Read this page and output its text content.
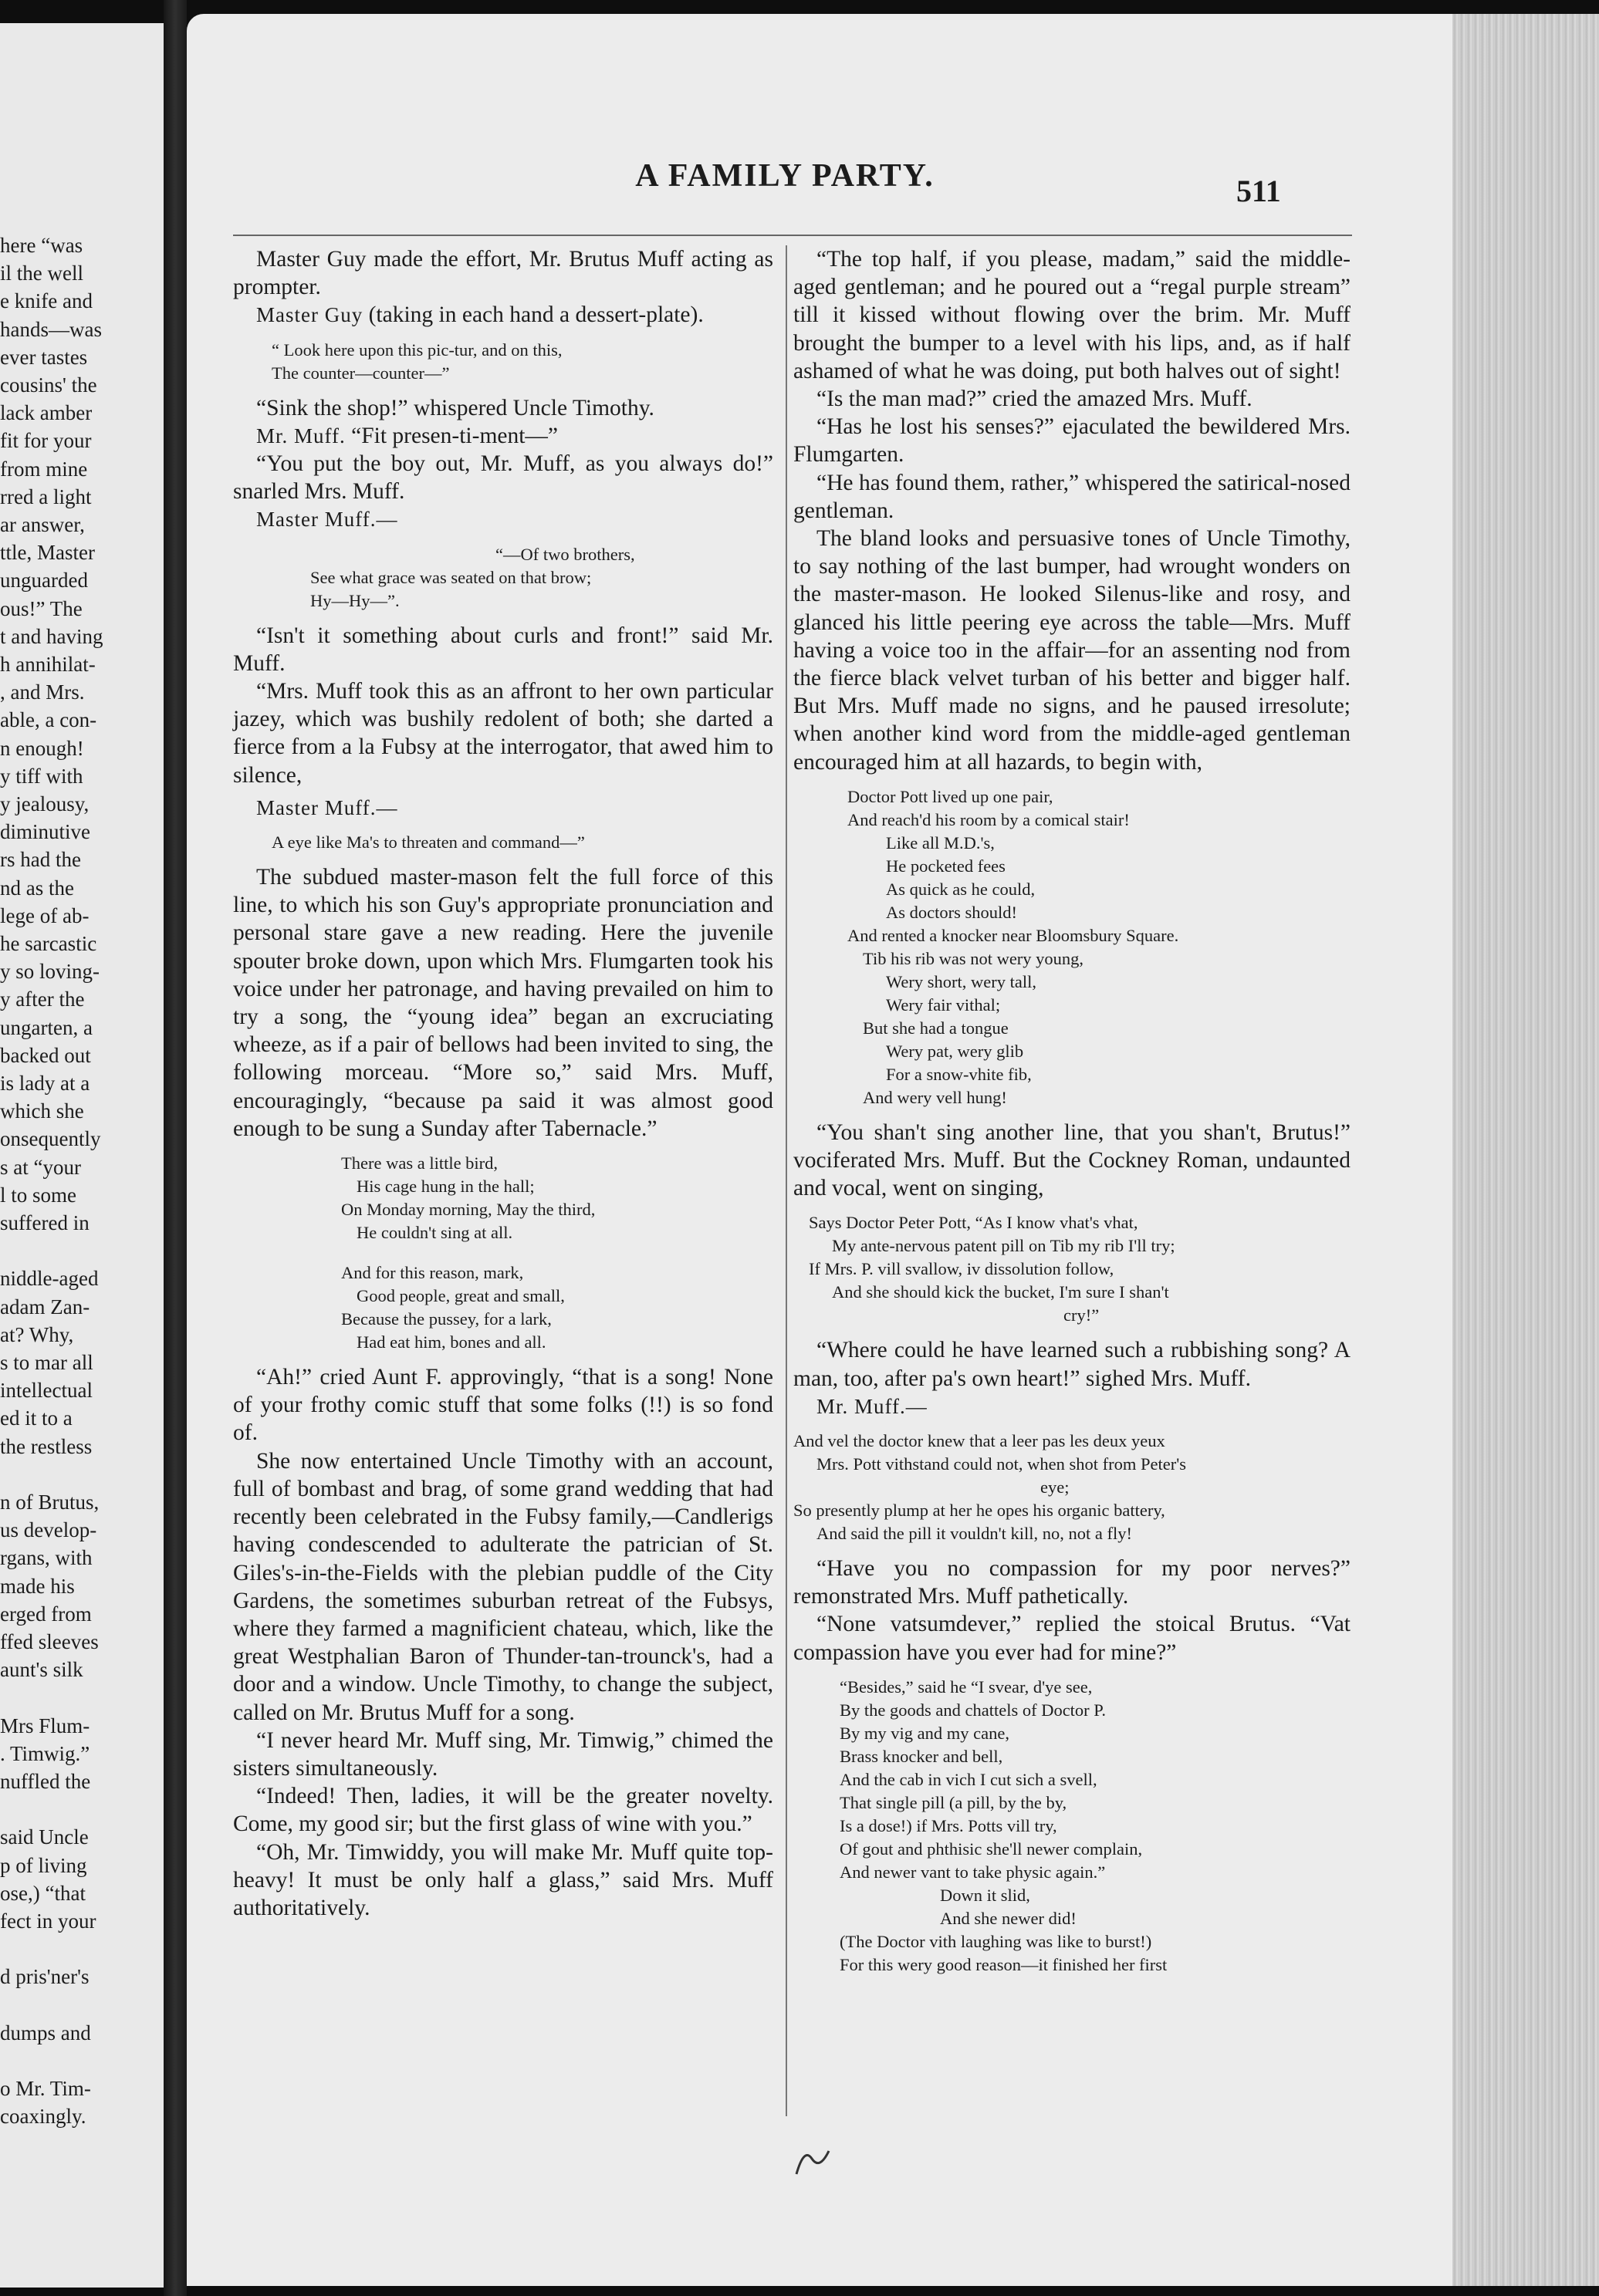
here “was
il the well
e knife and
hands—was
ever tastes
cousins' the
lack amber
fit for your
from mine
rred a light
ar answer,
ttle, Master
unguarded
ous!” The
t and having
h annihilat-
, and Mrs.
able, a con-
n enough!
y tiff with
y jealousy,
diminutive
rs had the
nd as the
lege of ab-
he sarcastic
y so loving-
y after the
ungarten, a
backed out
is lady at a
which she
onsequently
s at “your
l to some
suffered in
niddle-aged
adam Zan-
at? Why,
s to mar all
intellectual
ed it to a
the restless
n of Brutus,
us develop-
rgans, with
made his
erged from
ffed sleeves
aunt's silk
Mrs Flum-
. Timwig.”
nuffled the
said Uncle
p of living
ose,) “that
fect in your
d pris'ner's
dumps and
o Mr. Tim-
coaxingly.
A FAMILY PARTY.	511

Master Guy made the effort, Mr. Brutus Muff acting as prompter.

Master Guy (taking in each hand a dessert-plate).

“ Look here upon this pic-tur, and on this,
The counter—counter—”

“Sink the shop!” whispered Uncle Timothy.

Mr. Muff. “Fit presen-ti-ment—”

“You put the boy out, Mr. Muff, as you always do!” snarled Mrs. Muff.

Master Muff.—

“—Of two brothers,
See what grace was seated on that brow;
Hy—Hy—”.

“Isn't it something about curls and front!” said Mr. Muff.

“Mrs. Muff took this as an affront to her own particular jazey, which was bushily redolent of both; she darted a fierce from a la Fubsy at the interrogator, that awed him to silence,

Master Muff.—

A eye like Ma's to threaten and command—”

The subdued master-mason felt the full force of this line, to which his son Guy's appropriate pronunciation and personal stare gave a new reading. Here the juvenile spouter broke down, upon which Mrs. Flumgarten took his voice under her patronage, and having prevailed on him to try a song, the “young idea” began an excruciating wheeze, as if a pair of bellows had been invited to sing, the following morceau. “More so,” said Mrs. Muff, encouragingly, “because pa said it was almost good enough to be sung a Sunday after Tabernacle.”

There was a little bird,
His cage hung in the hall;
On Monday morning, May the third,
He couldn't sing at all.
And for this reason, mark,
Good people, great and small,
Because the pussey, for a lark,
Had eat him, bones and all.

“Ah!” cried Aunt F. approvingly, “that is a song! None of your frothy comic stuff that some folks (!!) is so fond of.

She now entertained Uncle Timothy with an account, full of bombast and brag, of some grand wedding that had recently been celebrated in the Fubsy family,—Candlerigs having condescended to adulterate the patrician of St. Giles's-in-the-Fields with the plebian puddle of the City Gardens, the sometimes suburban retreat of the Fubsys, where they farmed a magnificient chateau, which, like the great Westphalian Baron of Thunder-tan-trounck's, had a door and a window. Uncle Timothy, to change the subject, called on Mr. Brutus Muff for a song.

“I never heard Mr. Muff sing, Mr. Timwig,” chimed the sisters simultaneously.

“Indeed! Then, ladies, it will be the greater novelty. Come, my good sir; but the first glass of wine with you.”

“Oh, Mr. Timwiddy, you will make Mr. Muff quite top-heavy! It must be only half a glass,” said Mrs. Muff authoritatively.

“The top half, if you please, madam,” said the middle-aged gentleman; and he poured out a “regal purple stream” till it kissed without flowing over the brim. Mr. Muff brought the bumper to a level with his lips, and, as if half ashamed of what he was doing, put both halves out of sight!

“Is the man mad?” cried the amazed Mrs. Muff.

“Has he lost his senses?” ejaculated the bewildered Mrs. Flumgarten.

“He has found them, rather,” whispered the satirical-nosed gentleman.

The bland looks and persuasive tones of Uncle Timothy, to say nothing of the last bumper, had wrought wonders on the master-mason. He looked Silenus-like and rosy, and glanced his little peering eye across the table—Mrs. Muff having a voice too in the affair—for an assenting nod from the fierce black velvet turban of his better and bigger half. But Mrs. Muff made no signs, and he paused irresolute; when another kind word from the middle-aged gentleman encouraged him at all hazards, to begin with,

Doctor Pott lived up one pair,
And reach'd his room by a comical stair!
Like all M.D.'s,
He pocketed fees
As quick as he could,
As doctors should!
And rented a knocker near Bloomsbury Square.
Tib his rib was not wery young,
Wery short, wery tall,
Wery fair vithal;
But she had a tongue
Wery pat, wery glib
For a snow-vhite fib,
And wery vell hung!

“You shan't sing another line, that you shan't, Brutus!” vociferated Mrs. Muff. But the Cockney Roman, undaunted and vocal, went on singing,

Says Doctor Peter Pott, “As I know vhat's vhat,
My ante-nervous patent pill on Tib my rib I'll try;
If Mrs. P. vill svallow, iv dissolution follow,
And she should kick the bucket, I'm sure I shan't
cry!”

“Where could he have learned such a rubbishing song? A man, too, after pa's own heart!” sighed Mrs. Muff.

Mr. Muff.—

And vel the doctor knew that a leer pas les deux yeux
Mrs. Pott vithstand could not, when shot from Peter's
eye;
So presently plump at her he opes his organic battery,
And said the pill it vouldn't kill, no, not a fly!

“Have you no compassion for my poor nerves?” remonstrated Mrs. Muff pathetically.

“None vatsumdever,” replied the stoical Brutus. “Vat compassion have you ever had for mine?”

“Besides,” said he “I svear, d'ye see,
By the goods and chattels of Doctor P.
By my vig and my cane,
Brass knocker and bell,
And the cab in vich I cut sich a svell,
That single pill (a pill, by the by,
Is a dose!) if Mrs. Potts vill try,
Of gout and phthisic she'll newer complain,
And newer vant to take physic again.”
Down it slid,
And she newer did!
(The Doctor vith laughing was like to burst!)
For this wery good reason—it finished her first
